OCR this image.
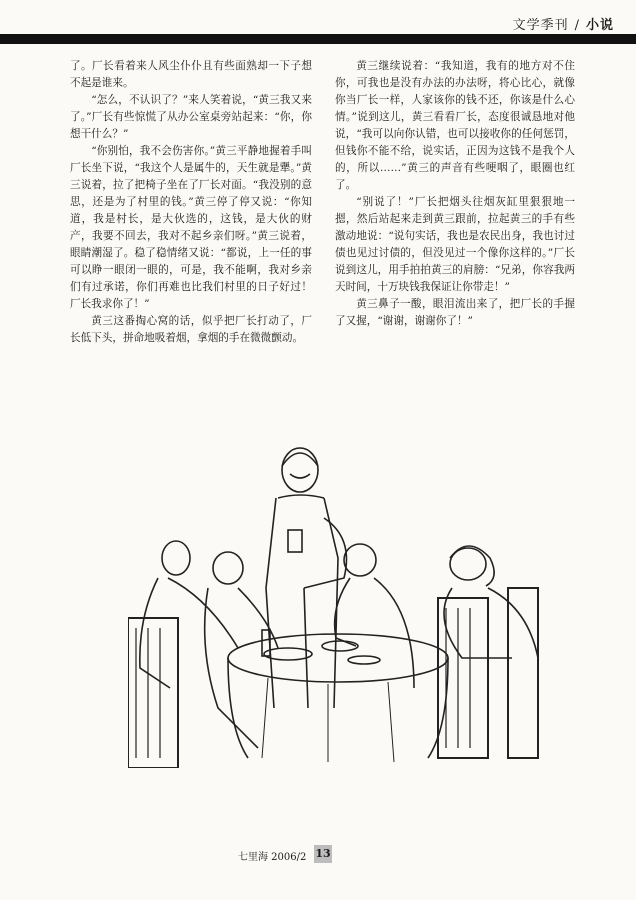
文学季刊 / 小说

了。厂长看着来人风尘仆仆且有些面熟却一下子想不起是谁来。

“怎么，不认识了？”来人笑着说，“黄三我又来了。”厂长有些惊慌了从办公室桌旁站起来：“你，你想干什么？”

“你别怕，我不会伤害你。”黄三平静地握着手叫厂长坐下说，“我这个人是属牛的，天生就是犟。”黄三说着，拉了把椅子坐在了厂长对面。“我没别的意思，还是为了村里的钱。”黄三停了停又说：“你知道，我是村长，是大伙选的，这钱，是大伙的财产，我要不回去，我对不起乡亲们呀。”黄三说着，眼睛潮湿了。稳了稳情绪又说：“都说，上一任的事可以睁一眼闭一眼的，可是，我不能啊，我对乡亲们有过承诺，你们再难也比我们村里的日子好过！厂长我求你了！”

黄三这番掏心窝的话，似乎把厂长打动了，厂长低下头，拼命地吸着烟，拿烟的手在微微颤动。

黄三继续说着：“我知道，我有的地方对不住你，可我也是没有办法的办法呀，将心比心，就像你当厂长一样，人家该你的钱不还，你该是什么心情。”说到这儿，黄三看看厂长，态度很诚恳地对他说，“我可以向你认错，也可以接收你的任何惩罚，但钱你不能不给，说实话，正因为这钱不是我个人的，所以……”黄三的声音有些哽咽了，眼圈也红了。

“别说了！”厂长把烟头往烟灰缸里狠狠地一摁，然后站起来走到黄三跟前，拉起黄三的手有些激动地说：“说句实话，我也是农民出身，我也讨过债也见过讨债的，但没见过一个像你这样的。”厂长说到这儿，用手拍拍黄三的肩膀：“兄弟，你容我两天时间，十万块钱我保证让你带走！”

黄三鼻子一酸，眼泪流出来了，把厂长的手握了又握，“谢谢，谢谢你了！”

七里海 2006/2 13
